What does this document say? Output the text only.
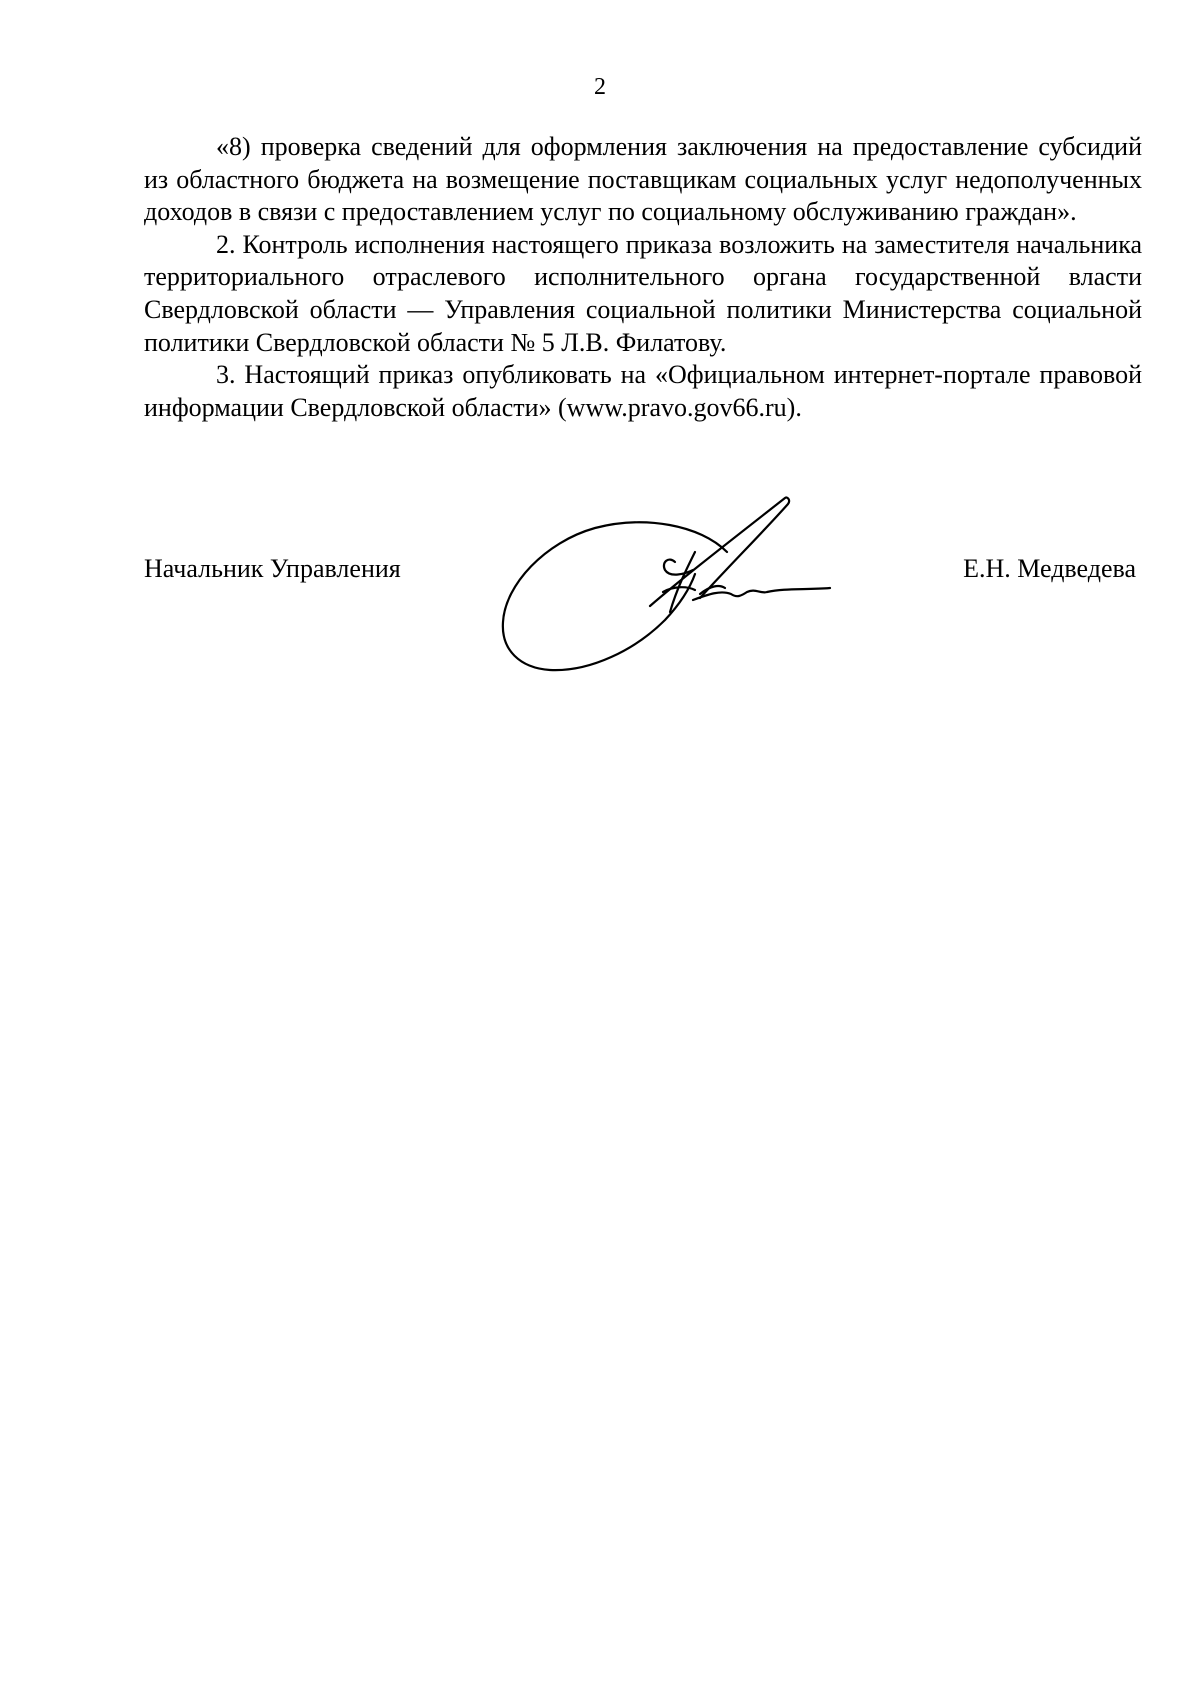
2

«8) проверка сведений для оформления заключения на предоставление субсидий из областного бюджета на возмещение поставщикам социальных услуг недополученных доходов в связи с предоставлением услуг по социальному обслуживанию граждан».

2. Контроль исполнения настоящего приказа возложить на заместителя начальника территориального отраслевого исполнительного органа государственной власти Свердловской области — Управления социальной политики Министерства социальной политики Свердловской области № 5 Л.В. Филатову.

3. Настоящий приказ опубликовать на «Официальном интернет-портале правовой информации Свердловской области» (www.pravo.gov66.ru).

Начальник Управления	Е.Н. Медведева
